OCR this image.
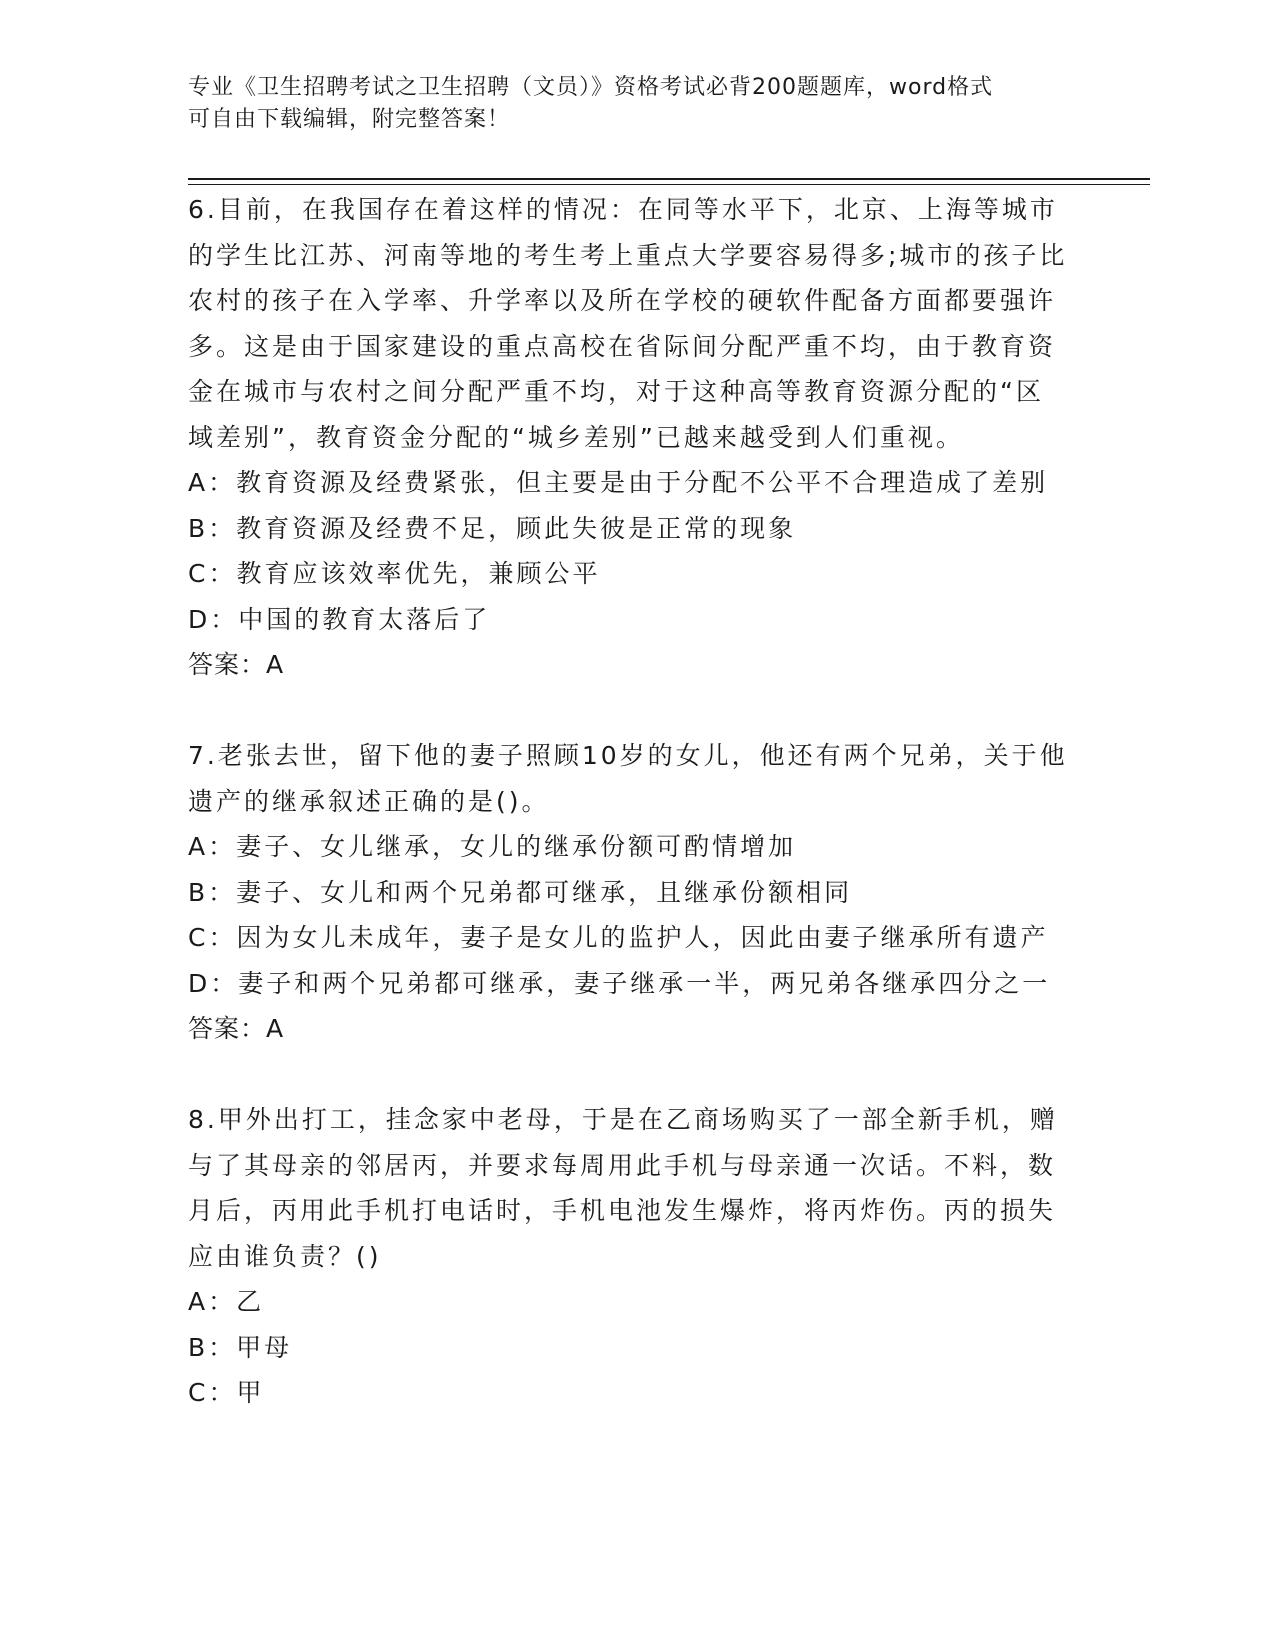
专业《卫生招聘考试之卫生招聘（文员）》资格考试必背200题题库，word格式

可自由下载编辑，附完整答案！

6.目前，在我国存在着这样的情况：在同等水平下，北京、上海等城市的学生比江苏、河南等地的考生考上重点大学要容易得多;城市的孩子比农村的孩子在入学率、升学率以及所在学校的硬软件配备方面都要强许多。这是由于国家建设的重点高校在省际间分配严重不均，由于教育资金在城市与农村之间分配严重不均，对于这种高等教育资源分配的“区域差别”，教育资金分配的“城乡差别”已越来越受到人们重视。

A：教育资源及经费紧张，但主要是由于分配不公平不合理造成了差别

B：教育资源及经费不足，顾此失彼是正常的现象

C：教育应该效率优先，兼顾公平

D：中国的教育太落后了

答案：A

7.老张去世，留下他的妻子照顾10岁的女儿，他还有两个兄弟，关于他遗产的继承叙述正确的是()。

A：妻子、女儿继承，女儿的继承份额可酌情增加

B：妻子、女儿和两个兄弟都可继承，且继承份额相同

C：因为女儿未成年，妻子是女儿的监护人，因此由妻子继承所有遗产

D：妻子和两个兄弟都可继承，妻子继承一半，两兄弟各继承四分之一

答案：A

8.甲外出打工，挂念家中老母，于是在乙商场购买了一部全新手机，赠与了其母亲的邻居丙，并要求每周用此手机与母亲通一次话。不料，数月后，丙用此手机打电话时，手机电池发生爆炸，将丙炸伤。丙的损失应由谁负责？()

A：乙

B：甲母

C：甲
